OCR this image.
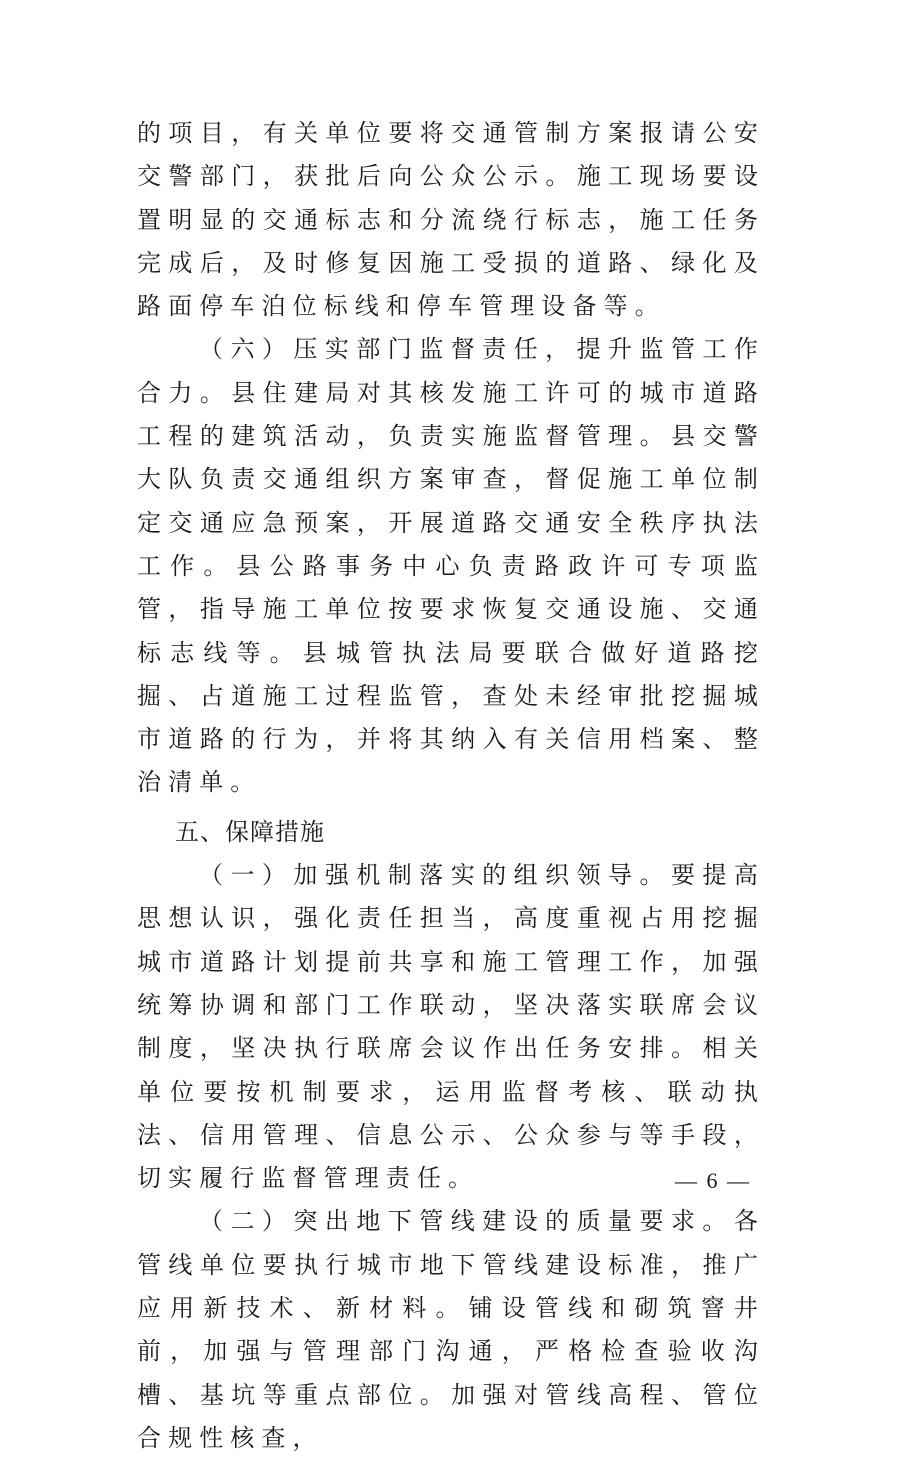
的项目，有关单位要将交通管制方案报请公安交警部门，获批后向公众公示。施工现场要设置明显的交通标志和分流绕行标志，施工任务完成后，及时修复因施工受损的道路、绿化及路面停车泊位标线和停车管理设备等。

（六）压实部门监督责任，提升监管工作合力。县住建局对其核发施工许可的城市道路工程的建筑活动，负责实施监督管理。县交警大队负责交通组织方案审查，督促施工单位制定交通应急预案，开展道路交通安全秩序执法工作。县公路事务中心负责路政许可专项监管，指导施工单位按要求恢复交通设施、交通标志线等。县城管执法局要联合做好道路挖掘、占道施工过程监管，查处未经审批挖掘城市道路的行为，并将其纳入有关信用档案、整治清单。

五、保障措施

（一）加强机制落实的组织领导。要提高思想认识，强化责任担当，高度重视占用挖掘城市道路计划提前共享和施工管理工作，加强统筹协调和部门工作联动，坚决落实联席会议制度，坚决执行联席会议作出任务安排。相关单位要按机制要求，运用监督考核、联动执法、信用管理、信息公示、公众参与等手段，切实履行监督管理责任。

（二）突出地下管线建设的质量要求。各管线单位要执行城市地下管线建设标准，推广应用新技术、新材料。铺设管线和砌筑窨井前，加强与管理部门沟通，严格检查验收沟槽、基坑等重点部位。加强对管线高程、管位合规性核查，

— 6 —
